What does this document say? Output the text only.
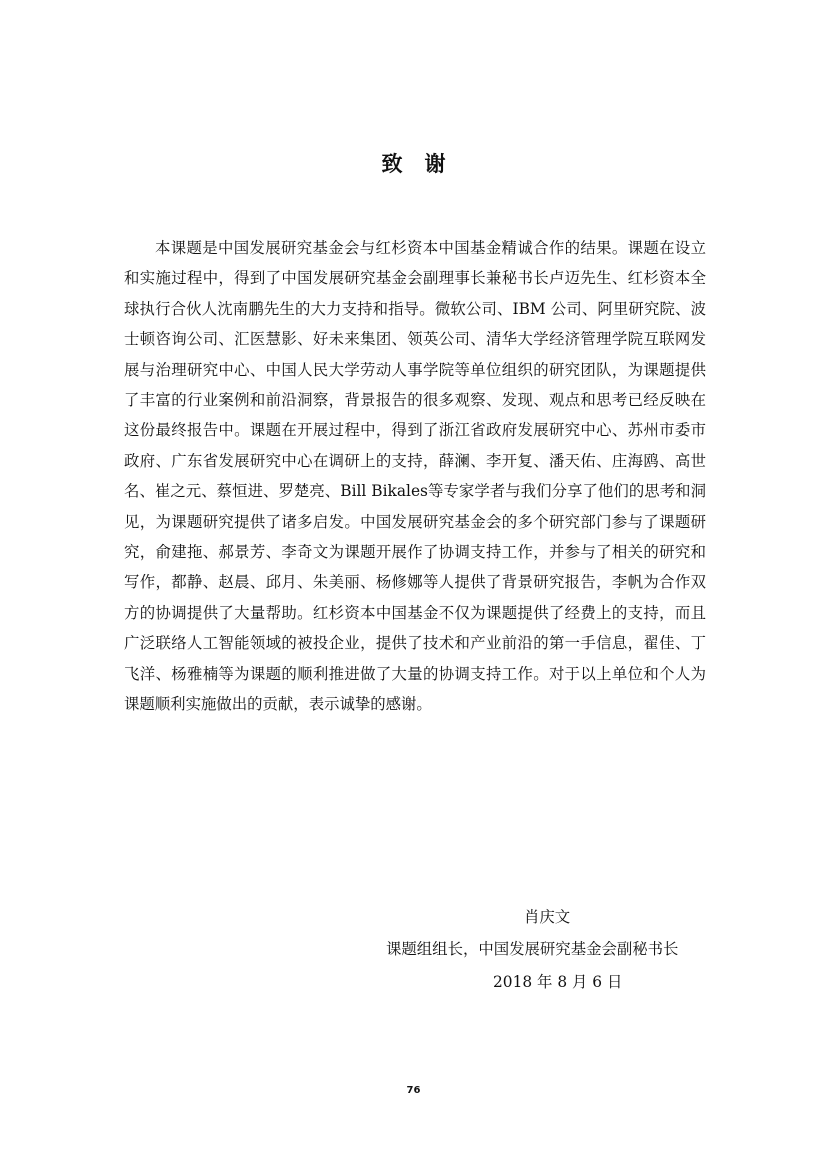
致谢

本课题是中国发展研究基金会与红杉资本中国基金精诚合作的结果。课题在设立和实施过程中，得到了中国发展研究基金会副理事长兼秘书长卢迈先生、红杉资本全球执行合伙人沈南鹏先生的大力支持和指导。微软公司、IBM 公司、阿里研究院、波士顿咨询公司、汇医慧影、好未来集团、领英公司、清华大学经济管理学院互联网发展与治理研究中心、中国人民大学劳动人事学院等单位组织的研究团队，为课题提供了丰富的行业案例和前沿洞察，背景报告的很多观察、发现、观点和思考已经反映在这份最终报告中。课题在开展过程中，得到了浙江省政府发展研究中心、苏州市委市政府、广东省发展研究中心在调研上的支持，薛澜、李开复、潘天佑、庄海鸥、高世名、崔之元、蔡恒进、罗楚亮、Bill Bikales等专家学者与我们分享了他们的思考和洞见，为课题研究提供了诸多启发。中国发展研究基金会的多个研究部门参与了课题研究，俞建拖、郝景芳、李奇文为课题开展作了协调支持工作，并参与了相关的研究和写作，都静、赵晨、邱月、朱美丽、杨修娜等人提供了背景研究报告，李帆为合作双方的协调提供了大量帮助。红杉资本中国基金不仅为课题提供了经费上的支持，而且广泛联络人工智能领域的被投企业，提供了技术和产业前沿的第一手信息，翟佳、丁飞洋、杨雅楠等为课题的顺利推进做了大量的协调支持工作。对于以上单位和个人为课题顺利实施做出的贡献，表示诚挚的感谢。

肖庆文
课题组组长，中国发展研究基金会副秘书长
2018 年 8 月 6 日
76
